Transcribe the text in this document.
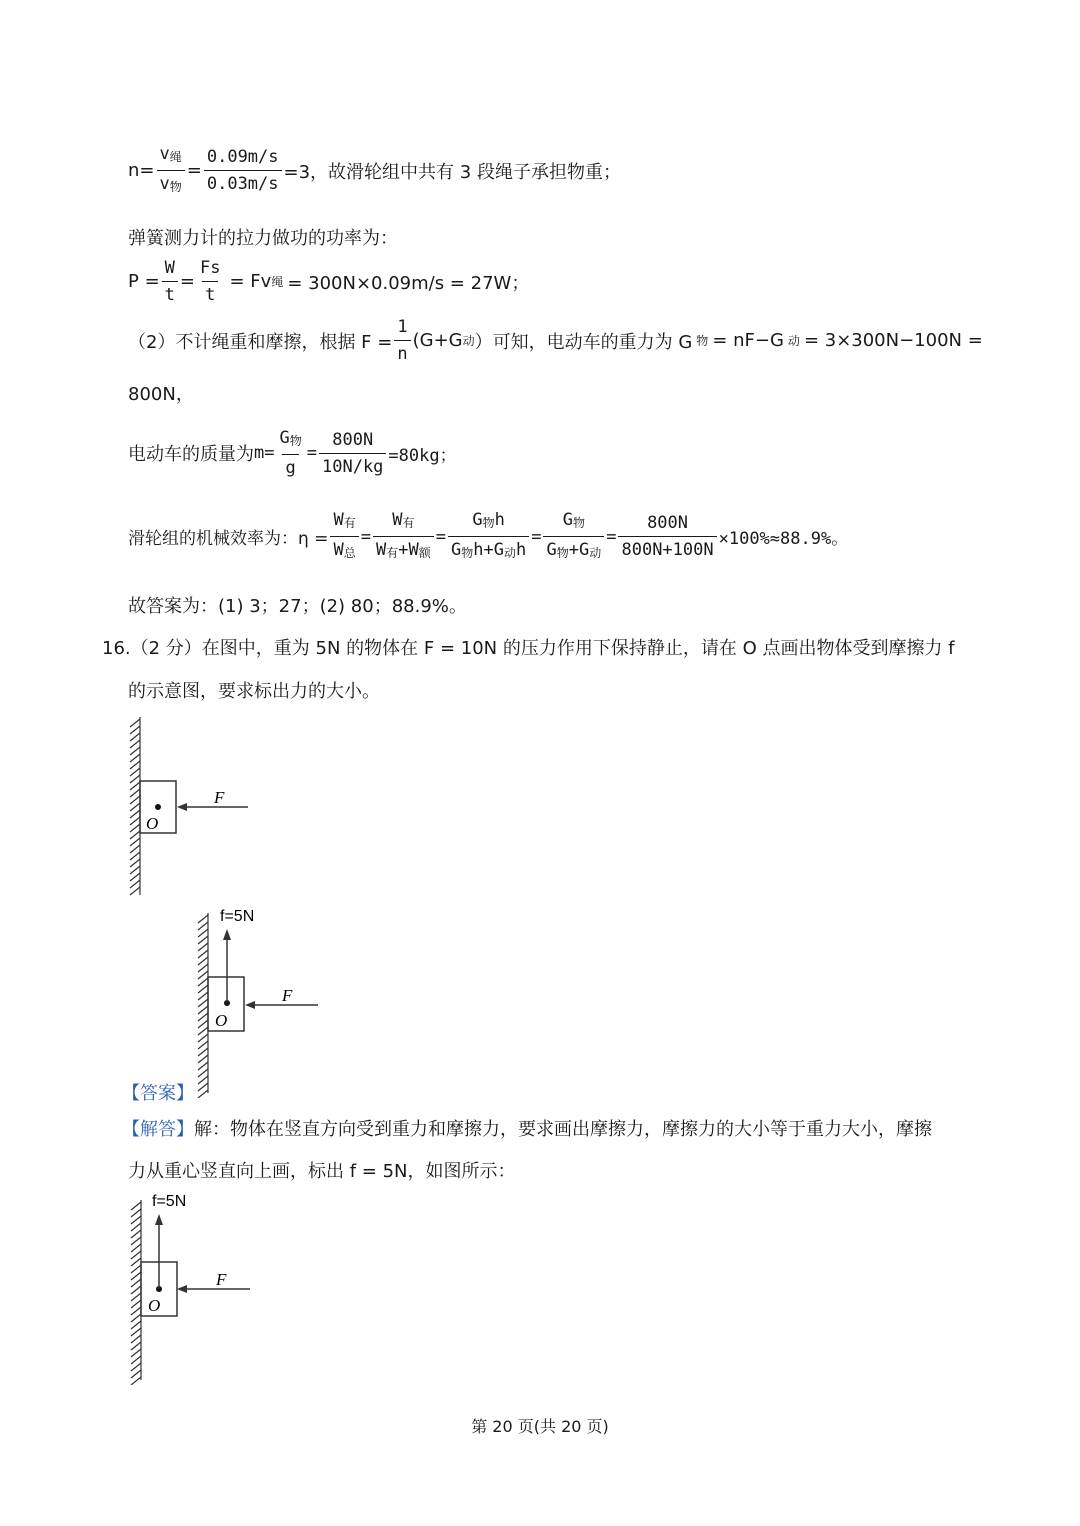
$n= \frac{\text{v绳}}{\text{v物}} = \frac{0.09m/s}{0.03m/s} =3$，故滑轮组中共有 3 段绳子承担物重；
弹簧测力计的拉力做功的功率为：
$P = \frac{W}{t} = \frac{Fs}{t} = Fv$ 绳 = 300N×0.09m/s = 27W；
（2）不计绳重和摩擦，根据 $F = \frac{1}{n} (G+G$ 动 ）可知，电动车的重力为 G 物 = nF−G 动 = 3×300N−100N =
800N，
电动车的质量为 $m= \frac{\text{G物}}{g} = \frac{800N}{10N/kg} =80kg$；
滑轮组的机械效率为：$\eta = \frac{\text{W有}}{\text{W总}} = \frac{\text{W有}}{\text{W有+W额}} = \frac{\text{G物h}}{\text{G物h+G动h}} = \frac{\text{G物}}{\text{G物+G动}} = \frac{800N}{800N+100N} \times 100\%\approx 88.9\%$。
故答案为：(1) 3；27；(2) 80；88.9%。
16.（2 分）在图中，重为 5N 的物体在 F = 10N 的压力作用下保持静止，请在 O 点画出物体受到摩擦力 f
的示意图，要求标出力的大小。
F
O
f=5N
F
O
【答案】
【解答】解：物体在竖直方向受到重力和摩擦力，要求画出摩擦力，摩擦力的大小等于重力大小，摩擦
力从重心竖直向上画，标出 f = 5N，如图所示：
f=5N
F
O
第 20 页(共 20 页)
